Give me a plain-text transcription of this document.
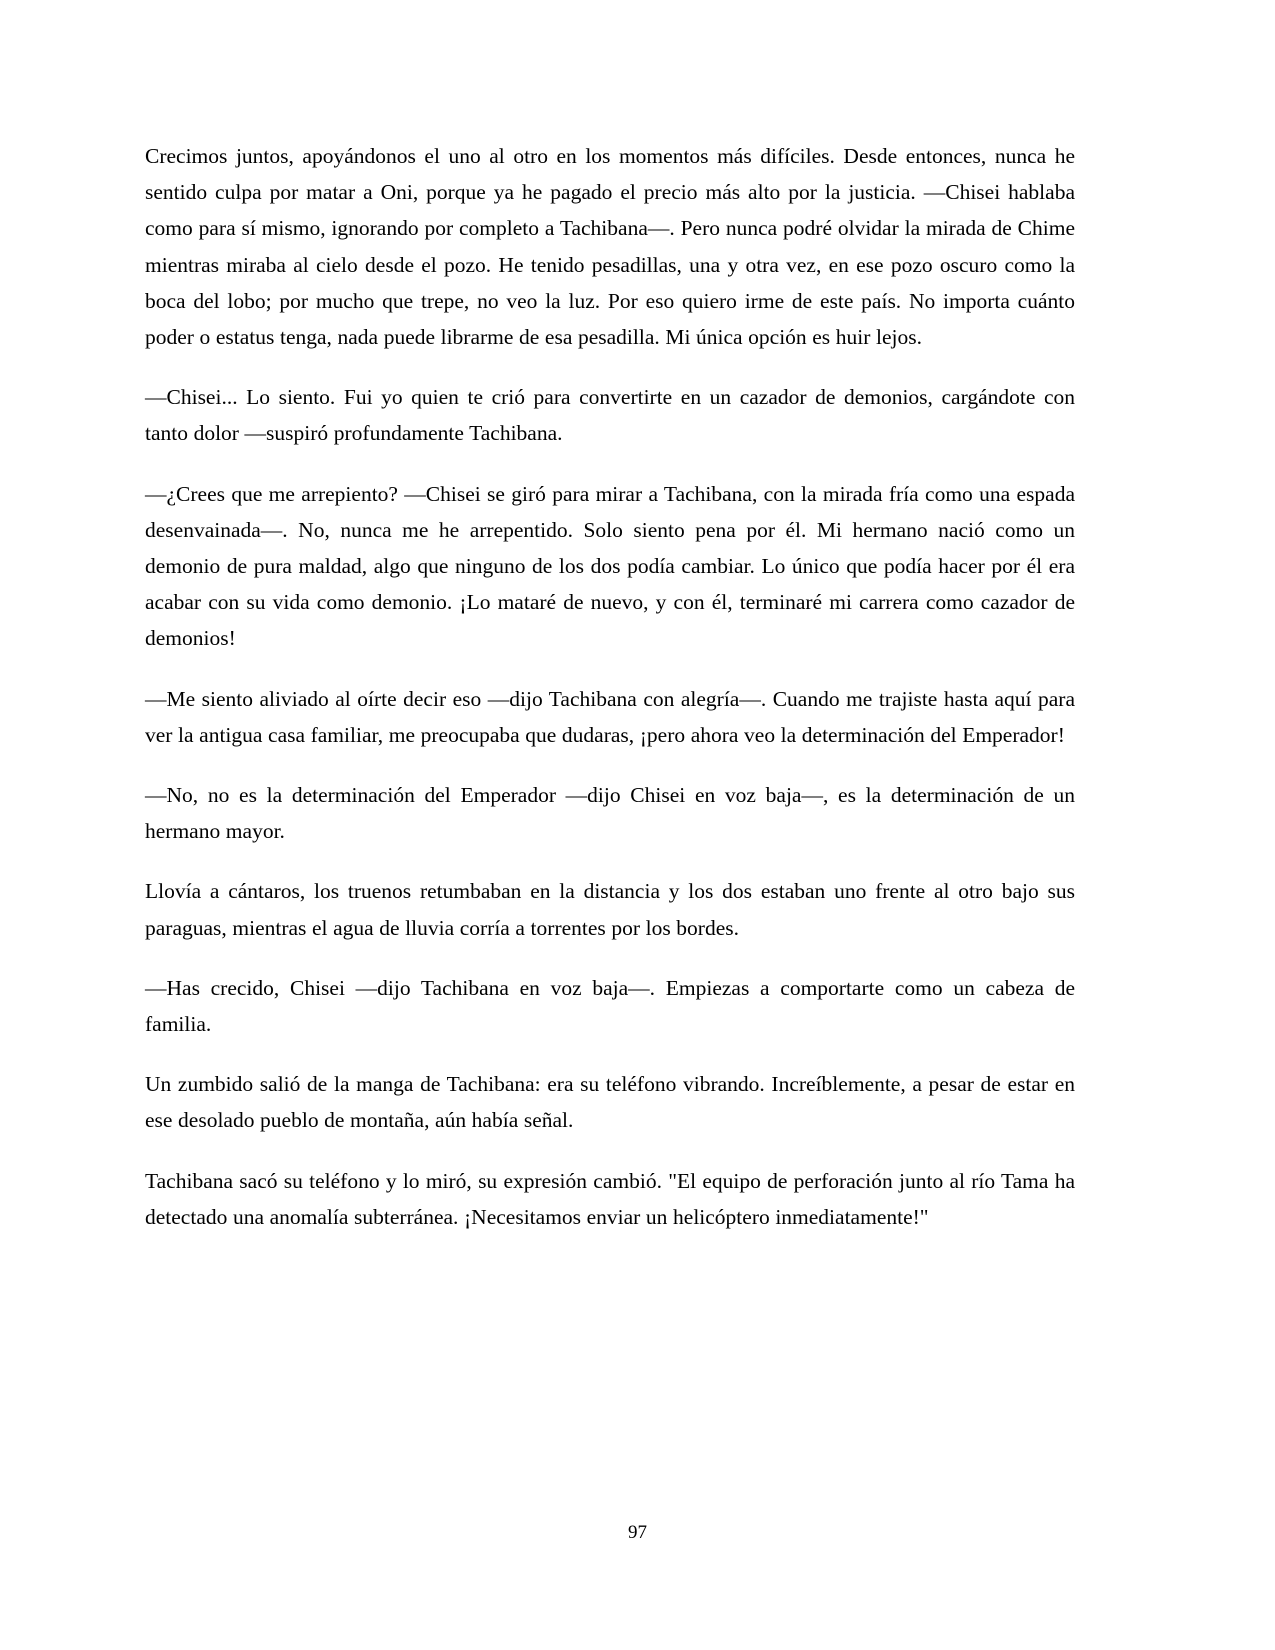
Crecimos juntos, apoyándonos el uno al otro en los momentos más difíciles. Desde entonces, nunca he sentido culpa por matar a Oni, porque ya he pagado el precio más alto por la justicia. —Chisei hablaba como para sí mismo, ignorando por completo a Tachibana—. Pero nunca podré olvidar la mirada de Chime mientras miraba al cielo desde el pozo. He tenido pesadillas, una y otra vez, en ese pozo oscuro como la boca del lobo; por mucho que trepe, no veo la luz. Por eso quiero irme de este país. No importa cuánto poder o estatus tenga, nada puede librarme de esa pesadilla. Mi única opción es huir lejos.

—Chisei... Lo siento. Fui yo quien te crió para convertirte en un cazador de demonios, cargándote con tanto dolor —suspiró profundamente Tachibana.

—¿Crees que me arrepiento? —Chisei se giró para mirar a Tachibana, con la mirada fría como una espada desenvainada—. No, nunca me he arrepentido. Solo siento pena por él. Mi hermano nació como un demonio de pura maldad, algo que ninguno de los dos podía cambiar. Lo único que podía hacer por él era acabar con su vida como demonio. ¡Lo mataré de nuevo, y con él, terminaré mi carrera como cazador de demonios!

—Me siento aliviado al oírte decir eso —dijo Tachibana con alegría—. Cuando me trajiste hasta aquí para ver la antigua casa familiar, me preocupaba que dudaras, ¡pero ahora veo la determinación del Emperador!

—No, no es la determinación del Emperador —dijo Chisei en voz baja—, es la determinación de un hermano mayor.

Llovía a cántaros, los truenos retumbaban en la distancia y los dos estaban uno frente al otro bajo sus paraguas, mientras el agua de lluvia corría a torrentes por los bordes.

—Has crecido, Chisei —dijo Tachibana en voz baja—. Empiezas a comportarte como un cabeza de familia.

Un zumbido salió de la manga de Tachibana: era su teléfono vibrando. Increíblemente, a pesar de estar en ese desolado pueblo de montaña, aún había señal.

Tachibana sacó su teléfono y lo miró, su expresión cambió. "El equipo de perforación junto al río Tama ha detectado una anomalía subterránea. ¡Necesitamos enviar un helicóptero inmediatamente!"

97
